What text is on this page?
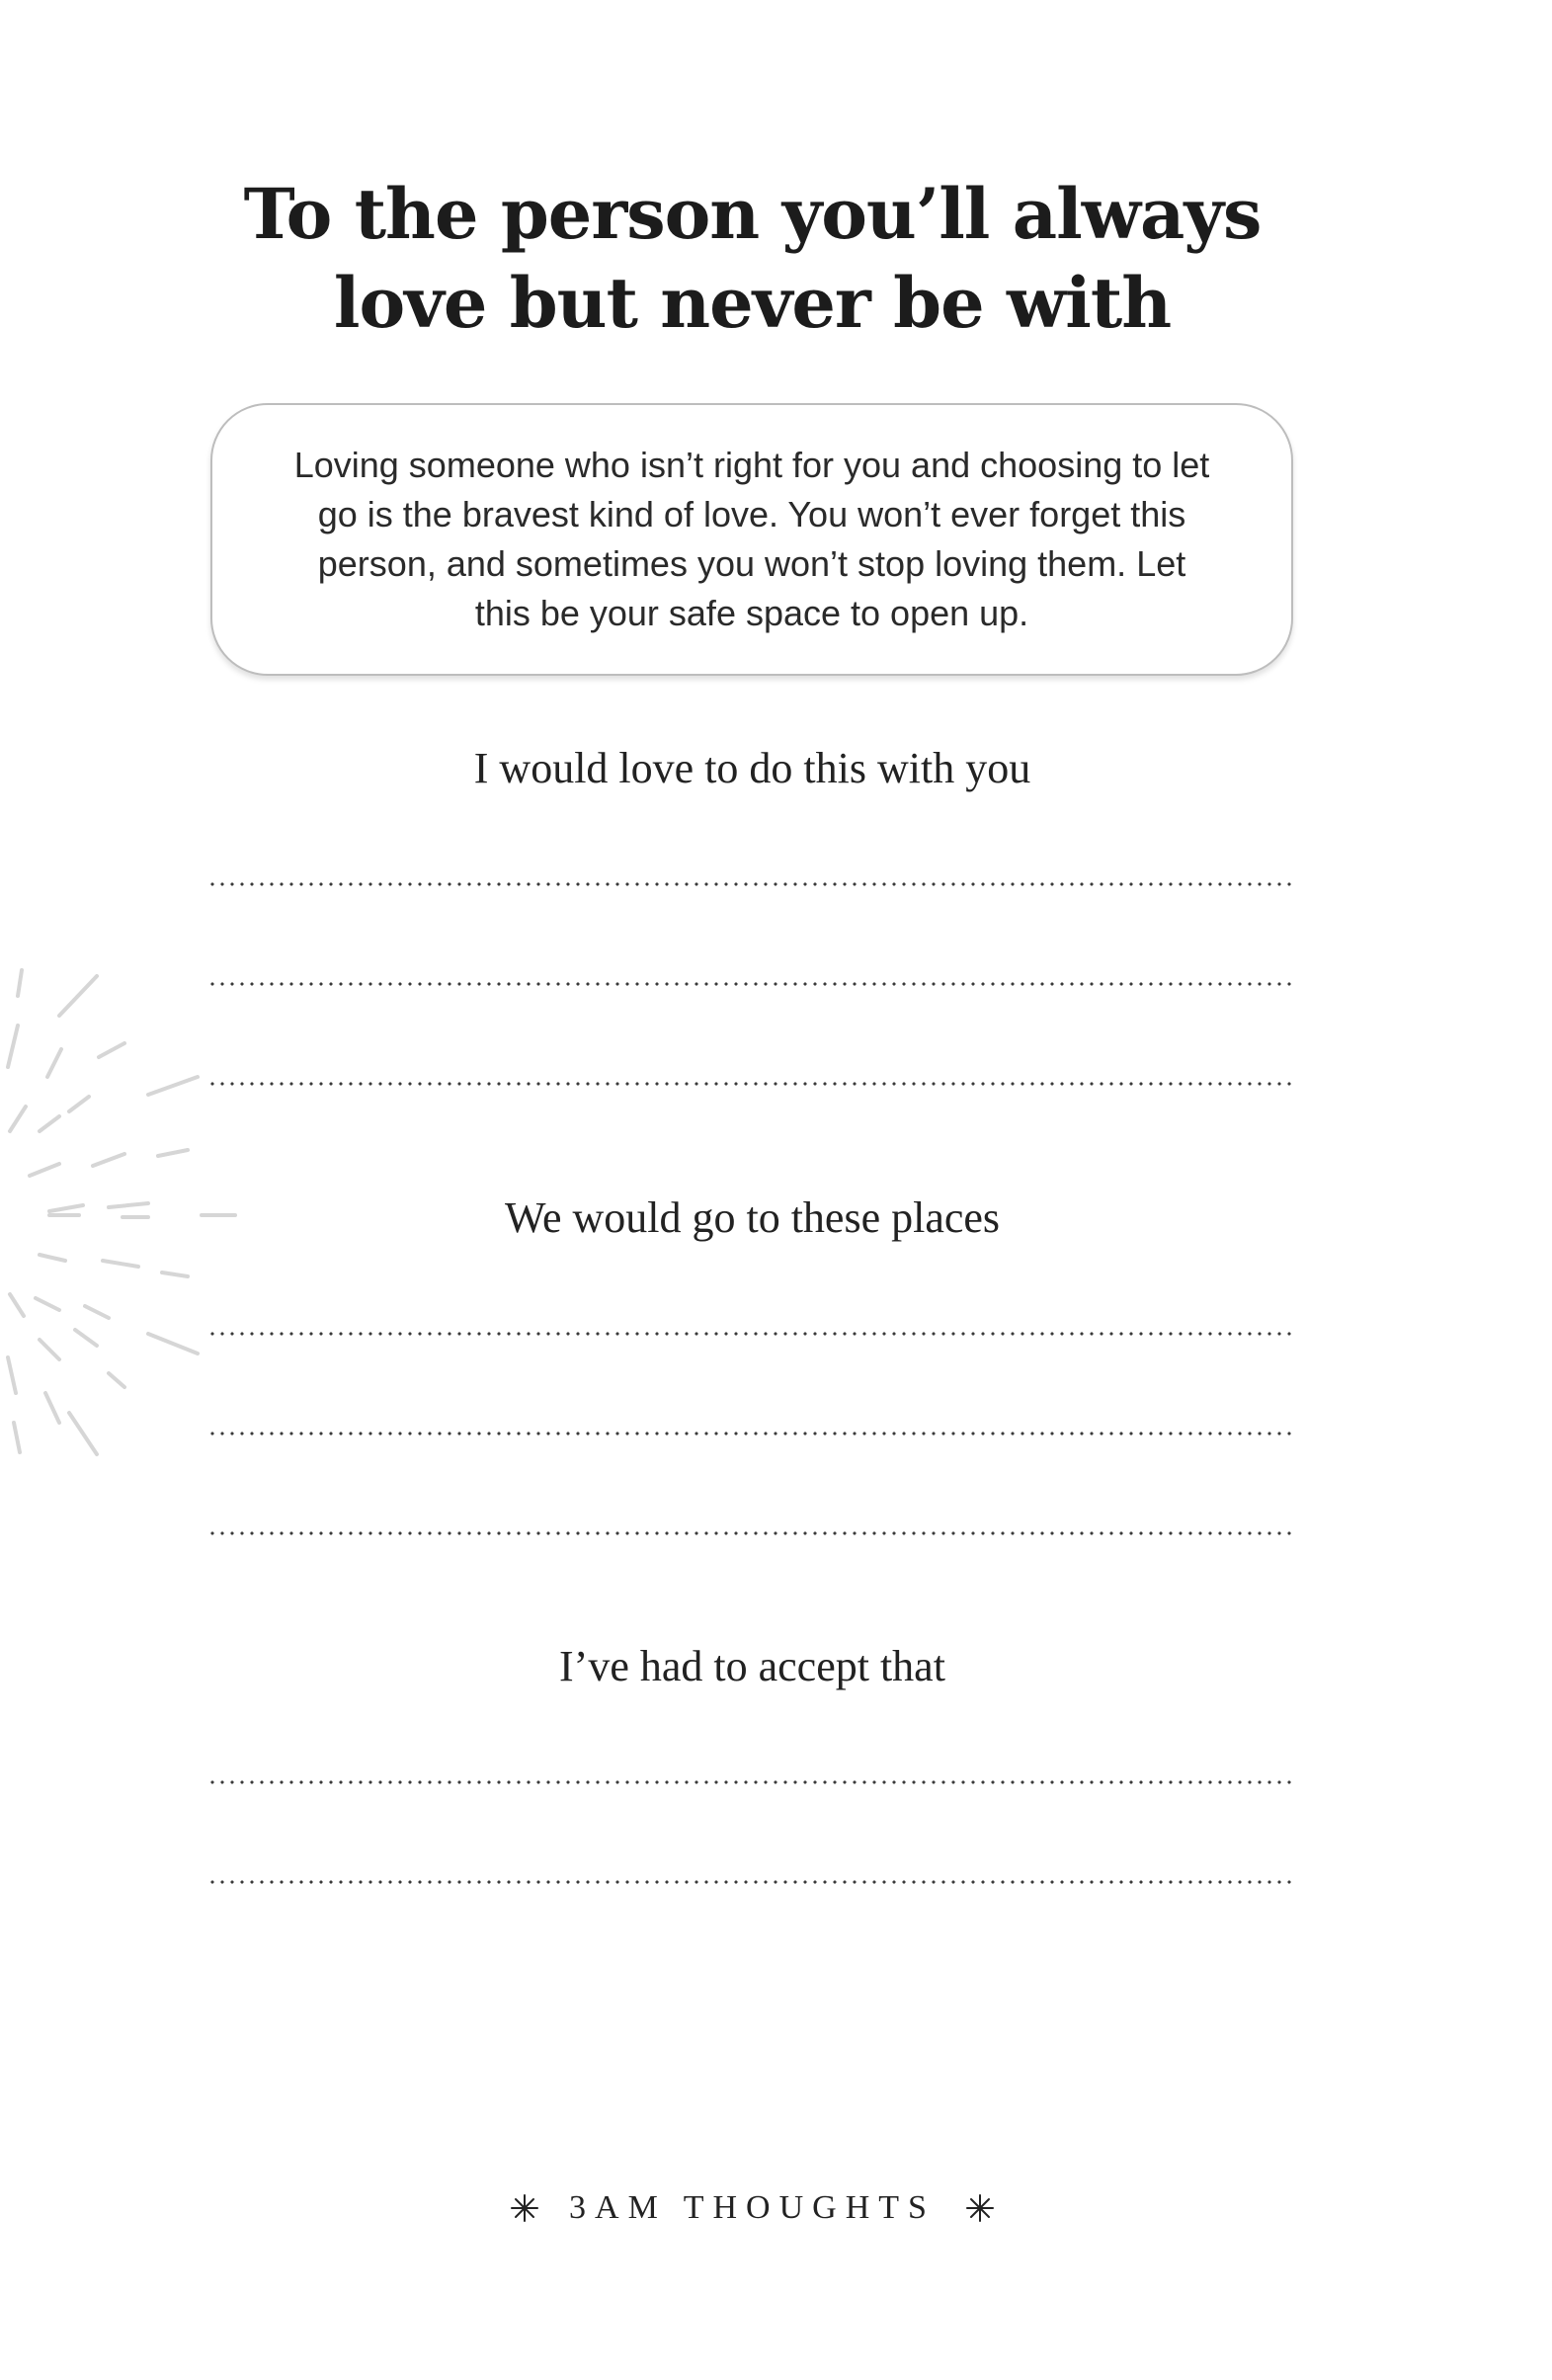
To the person you’ll always
love but never be with

Loving someone who isn’t right for you and choosing to let go is the bravest kind of love. You won’t ever forget this person, and sometimes you won’t stop loving them. Let this be your safe space to open up.

I would love to do this with you

We would go to these places

I’ve had to accept that

3AM THOUGHTS
